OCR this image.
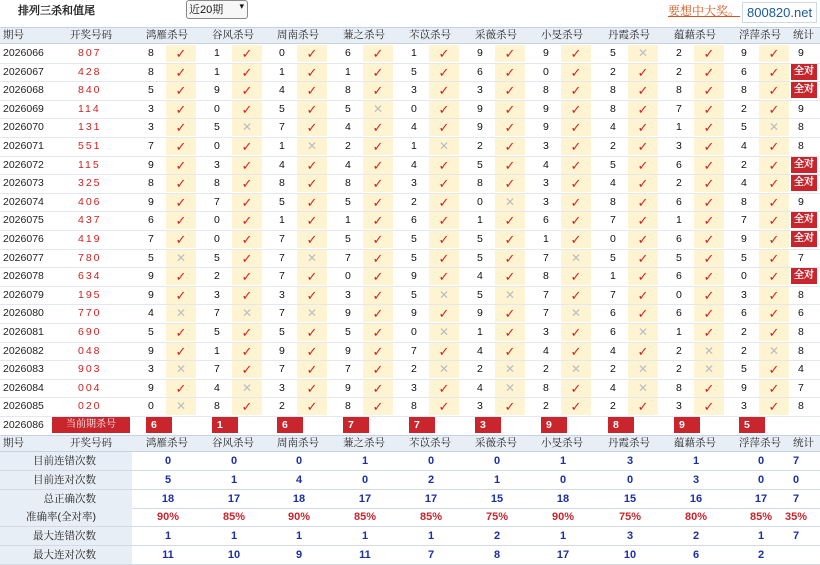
排列三杀和值尾	近20期 ▾	要想中大奖。 800820.net
期号	开奖号码	鸿雁杀号 谷风杀号 周南杀号 蒹之杀号 芣苡杀号 采薇杀号 小旻杀号 丹霞杀号 蕴藉杀号 浮萍杀号 统计
2026066	807	8	✓	1	✓	0	✓	6	✓	1	✓	9	✓	9	✓	5	✕	2	✓	9	✓	9
2026067	428	8	✓	1	✓	1	✓	1	✓	5	✓	6	✓	0	✓	2	✓	2	✓	6	✓	全对
2026068	840	5	✓	9	✓	4	✓	8	✓	3	✓	3	✓	8	✓	8	✓	8	✓	8	✓	全对
2026069	114	3	✓	0	✓	5	✓	5	✕	0	✓	9	✓	9	✓	8	✓	7	✓	2	✓	9
2026070	131	3	✓	5	✕	7	✓	4	✓	4	✓	9	✓	9	✓	4	✓	1	✓	5	✕	8
2026071	551	7	✓	0	✓	1	✕	2	✓	1	✕	2	✓	3	✓	2	✓	3	✓	4	✓	8
2026072	115	9	✓	3	✓	4	✓	4	✓	4	✓	5	✓	4	✓	5	✓	6	✓	2	✓	全对
2026073	325	8	✓	8	✓	8	✓	8	✓	3	✓	8	✓	3	✓	4	✓	2	✓	4	✓	全对
2026074	406	9	✓	7	✓	5	✓	5	✓	2	✓	0	✕	3	✓	8	✓	6	✓	8	✓	9
2026075	437	6	✓	0	✓	1	✓	1	✓	6	✓	1	✓	6	✓	7	✓	1	✓	7	✓	全对
2026076	419	7	✓	0	✓	7	✓	5	✓	5	✓	5	✓	1	✓	0	✓	6	✓	9	✓	全对
2026077	780	5	✕	5	✓	7	✕	7	✓	5	✓	5	✓	7	✕	5	✓	5	✓	5	✓	7
2026078	634	9	✓	2	✓	7	✓	0	✓	9	✓	4	✓	8	✓	1	✓	6	✓	0	✓	全对
2026079	195	9	✓	3	✓	3	✓	3	✓	5	✕	5	✕	7	✓	7	✓	0	✓	3	✓	8
2026080	770	4	✕	7	✕	7	✕	9	✓	9	✓	9	✓	7	✕	6	✓	6	✓	6	✓	6
2026081	690	5	✓	5	✓	5	✓	5	✓	0	✕	1	✓	3	✓	6	✕	1	✓	2	✓	8
2026082	048	9	✓	1	✓	9	✓	9	✓	7	✓	4	✓	4	✓	4	✓	2	✕	2	✕	8
2026083	903	3	✕	7	✓	7	✓	7	✓	2	✕	2	✕	2	✕	2	✕	2	✕	5	✓	4
2026084	004	9	✓	4	✕	3	✓	9	✓	3	✓	4	✕	8	✓	4	✕	8	✓	9	✓	7
2026085	020	0	✕	8	✓	2	✓	8	✓	8	✓	3	✓	2	✓	2	✓	3	✓	3	✓	8
2026086	当前期杀号	6	1	6	7	7	3	9	8	9	5
期号	开奖号码	鸿雁杀号 谷风杀号 周南杀号 蒹之杀号 芣苡杀号 采薇杀号 小旻杀号 丹霞杀号 蕴藉杀号 浮萍杀号 统计
目前连错次数	0	0	0	1	0	0	1	3	1	0	7
目前连对次数	5	1	4	0	2	1	0	0	3	0	0
总正确次数	18	17	18	17	17	15	18	15	16	17	7
准确率(全对率)	90%	85%	90%	85%	85%	75%	90%	75%	80%	85%	35%
最大连错次数	1	1	1	1	1	2	1	3	2	1	7
最大连对次数	11	10	9	11	7	8	17	10	6	2
